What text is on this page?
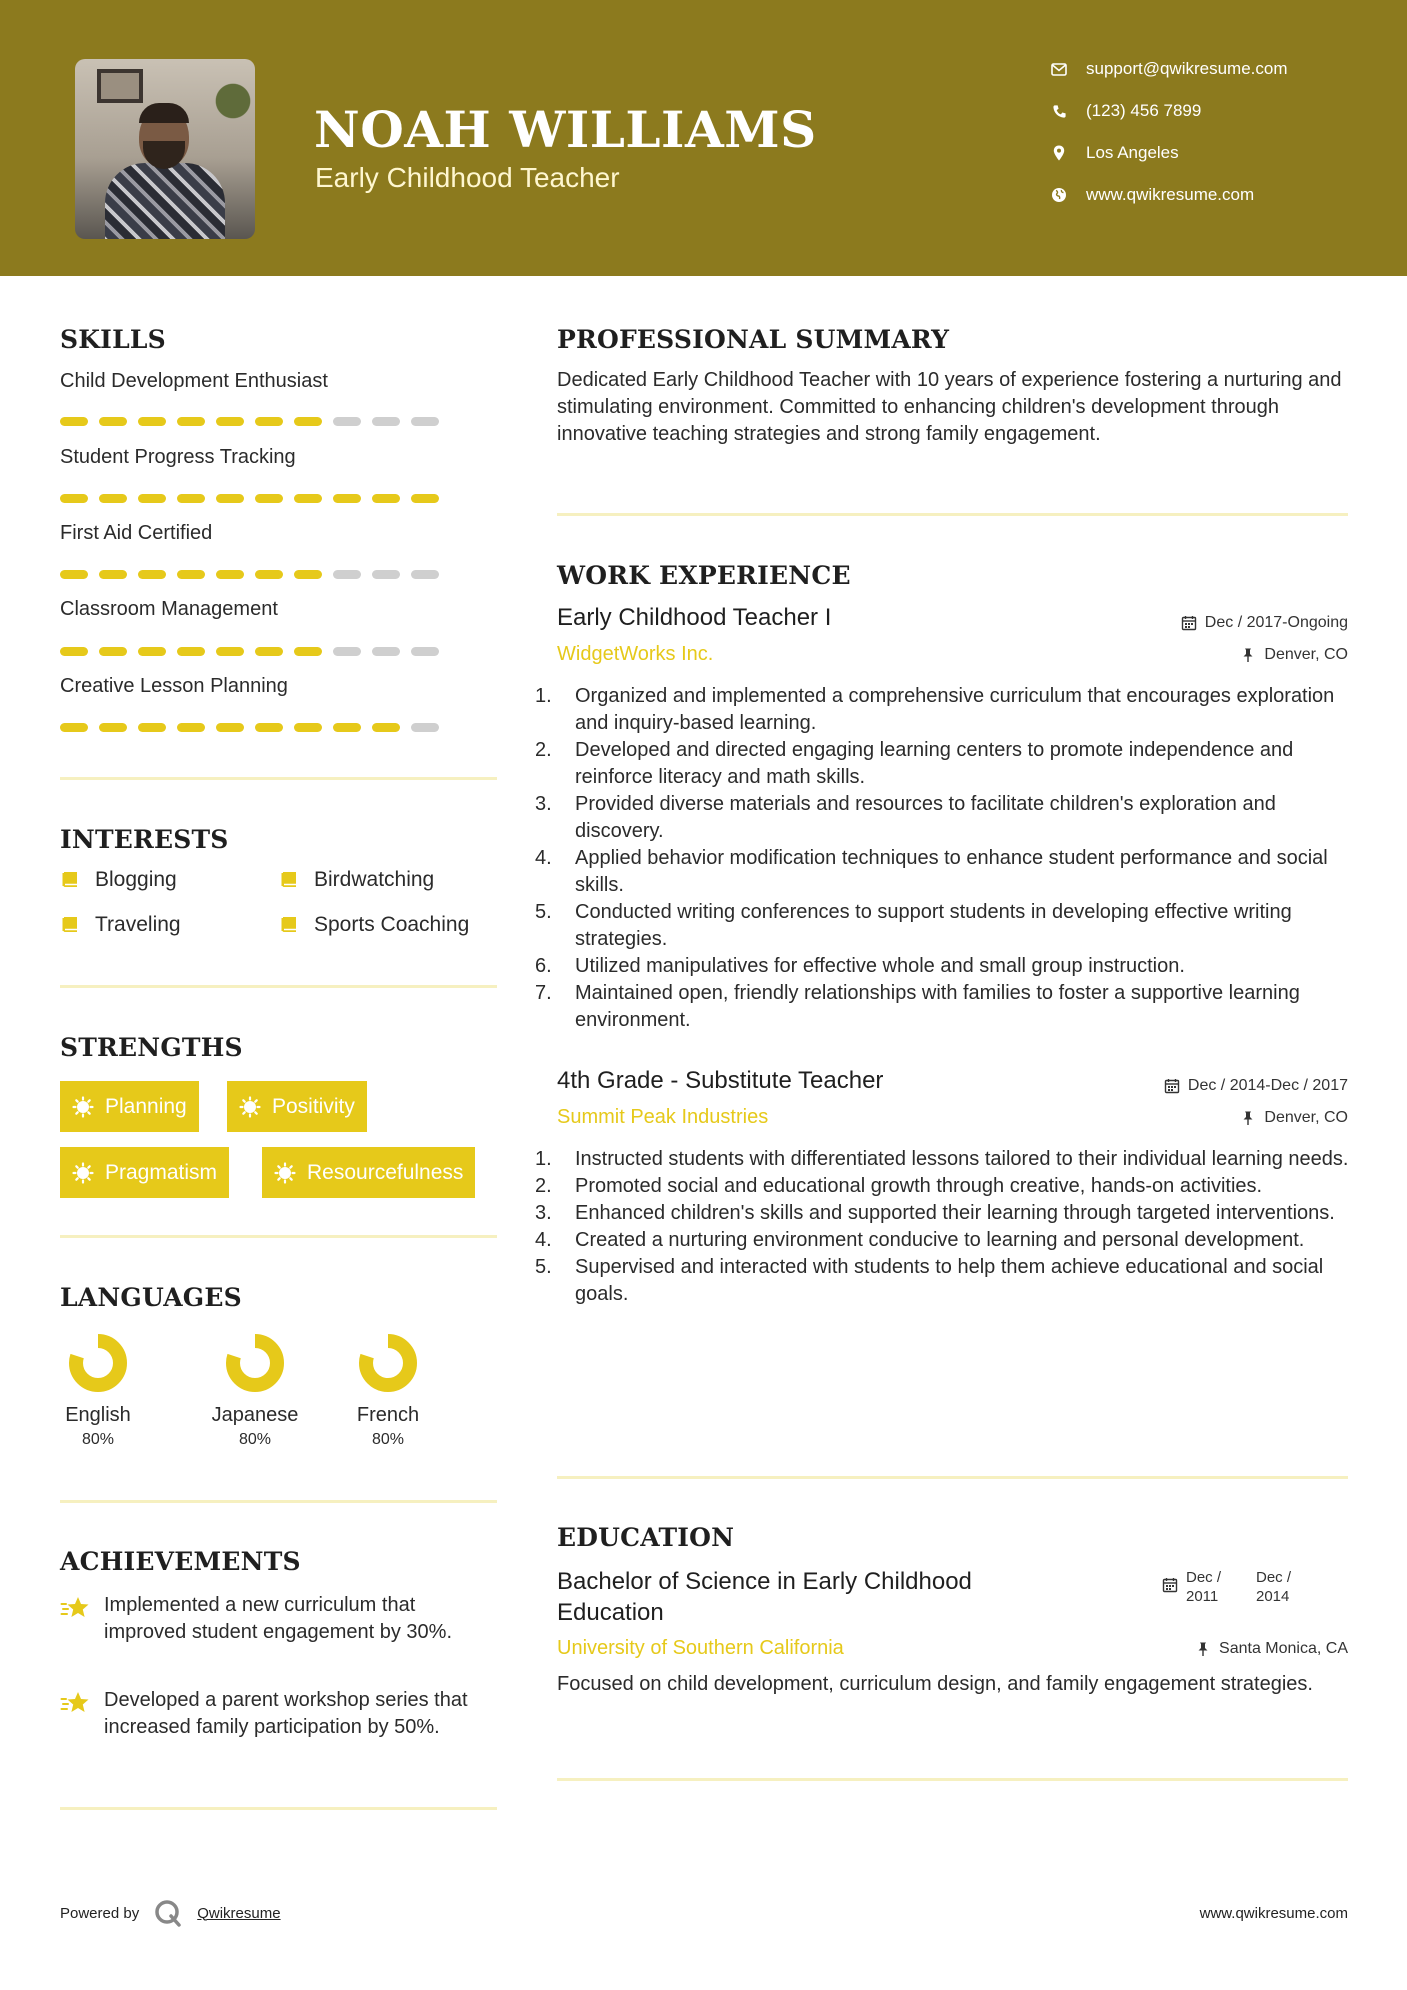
NOAH WILLIAMS
Early Childhood Teacher
support@qwikresume.com
(123) 456 7899
Los Angeles
www.qwikresume.com
SKILLS
Child Development Enthusiast
Student Progress Tracking
First Aid Certified
Classroom Management
Creative Lesson Planning
INTERESTS
Blogging	Birdwatching
Traveling	Sports Coaching
STRENGTHS
Planning	Positivity
Pragmatism	Resourcefulness
LANGUAGES
English
80%
Japanese
80%
French
80%
ACHIEVEMENTS
Implemented a new curriculum that improved student engagement by 30%.
Developed a parent workshop series that increased family participation by 50%.
PROFESSIONAL SUMMARY
Dedicated Early Childhood Teacher with 10 years of experience fostering a nurturing and stimulating environment. Committed to enhancing children's development through innovative teaching strategies and strong family engagement.
WORK EXPERIENCE
Early Childhood Teacher I	Dec / 2017-Ongoing
WidgetWorks Inc.	Denver, CO
1. Organized and implemented a comprehensive curriculum that encourages exploration and inquiry-based learning.
2. Developed and directed engaging learning centers to promote independence and reinforce literacy and math skills.
3. Provided diverse materials and resources to facilitate children's exploration and discovery.
4. Applied behavior modification techniques to enhance student performance and social skills.
5. Conducted writing conferences to support students in developing effective writing strategies.
6. Utilized manipulatives for effective whole and small group instruction.
7. Maintained open, friendly relationships with families to foster a supportive learning environment.
4th Grade - Substitute Teacher	Dec / 2014-Dec / 2017
Summit Peak Industries	Denver, CO
1. Instructed students with differentiated lessons tailored to their individual learning needs.
2. Promoted social and educational growth through creative, hands-on activities.
3. Enhanced children's skills and supported their learning through targeted interventions.
4. Created a nurturing environment conducive to learning and personal development.
5. Supervised and interacted with students to help them achieve educational and social goals.
EDUCATION
Bachelor of Science in Early Childhood Education
Dec / 2011
Dec / 2014
University of Southern California	Santa Monica, CA
Focused on child development, curriculum design, and family engagement strategies.
Powered by	Qwikresume	www.qwikresume.com
